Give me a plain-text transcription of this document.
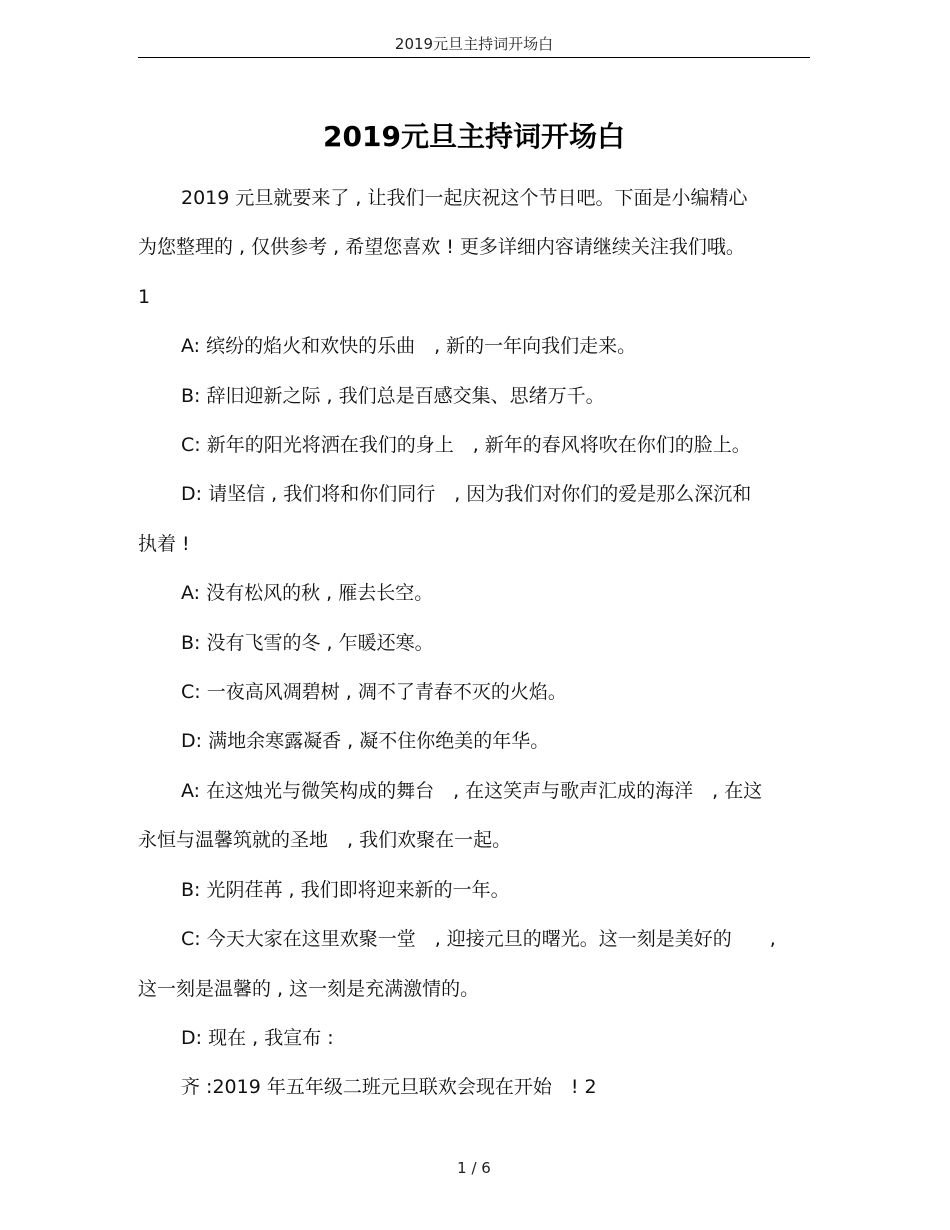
2019元旦主持词开场白
2019元旦主持词开场白

2019 元旦就要来了 , 让我们一起庆祝这个节日吧。下面是小编精心

为您整理的 , 仅供参考 , 希望您喜欢 ! 更多详细内容请继续关注我们哦。

1

A: 缤纷的焰火和欢快的乐曲　, 新的一年向我们走来。

B: 辞旧迎新之际 , 我们总是百感交集、思绪万千。

C: 新年的阳光将洒在我们的身上　, 新年的春风将吹在你们的脸上。

D: 请坚信 , 我们将和你们同行　, 因为我们对你们的爱是那么深沉和

执着 !

A: 没有松风的秋 , 雁去长空。

B: 没有飞雪的冬 , 乍暖还寒。

C: 一夜高风凋碧树 , 凋不了青春不灭的火焰。

D: 满地余寒露凝香 , 凝不住你绝美的年华。

A: 在这烛光与微笑构成的舞台　, 在这笑声与歌声汇成的海洋　, 在这

永恒与温馨筑就的圣地　, 我们欢聚在一起。

B: 光阴荏苒 , 我们即将迎来新的一年。

C: 今天大家在这里欢聚一堂　, 迎接元旦的曙光。这一刻是美好的　　,

这一刻是温馨的 , 这一刻是充满激情的。

D: 现在 , 我宣布 :

齐 :2019 年五年级二班元旦联欢会现在开始　! 2

1 / 6
